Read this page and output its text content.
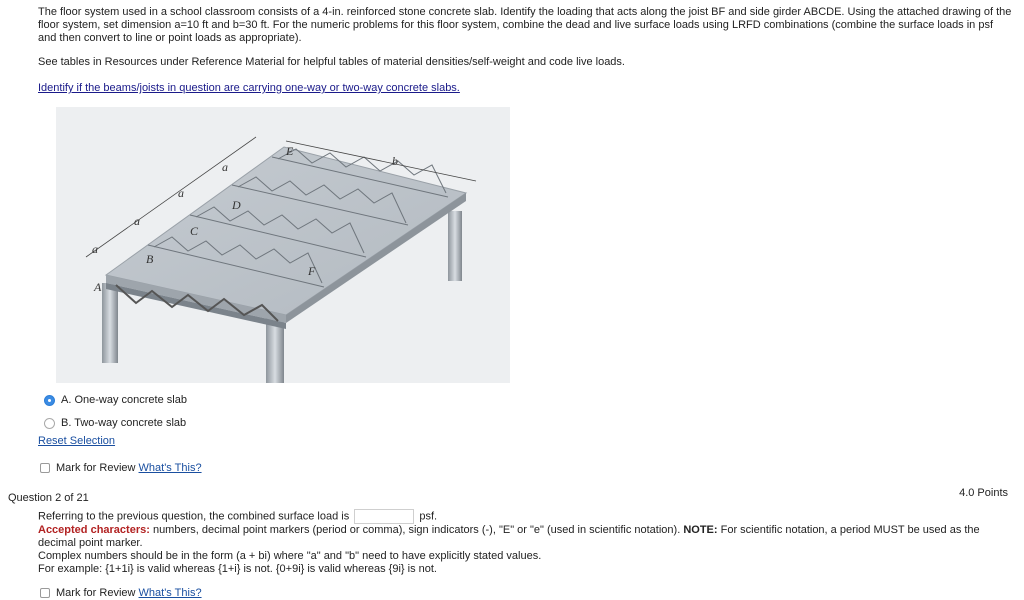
The floor system used in a school classroom consists of a 4-in. reinforced stone concrete slab. Identify the loading that acts along the joist BF and side girder ABCDE. Using the attached drawing of the floor system, set dimension a=10 ft and b=30 ft. For the numeric problems for this floor system, combine the dead and live surface loads using LRFD combinations (combine the surface loads in psf and then convert to line or point loads as appropriate).
See tables in Resources under Reference Material for helpful tables of material densities/self-weight and code live loads.
Identify if the beams/joists in question are carrying one-way or two-way concrete slabs.
A
B
C
D
E
F
a
a
a
a	b
A. One-way concrete slab
B. Two-way concrete slab
Reset Selection
Mark for Review
What's This?
Question 2 of 21	4.0 Points
Referring to the previous question, the combined surface load is	psf.
Accepted characters: numbers, decimal point markers (period or comma), sign indicators (-), "E" or "e" (used in scientific notation). NOTE: For scientific notation, a period MUST be used as the decimal point marker.
Complex numbers should be in the form (a + bi) where "a" and "b" need to have explicitly stated values.
For example: {1+1i} is valid whereas {1+i} is not. {0+9i} is valid whereas {9i} is not.
Mark for Review
What's This?
